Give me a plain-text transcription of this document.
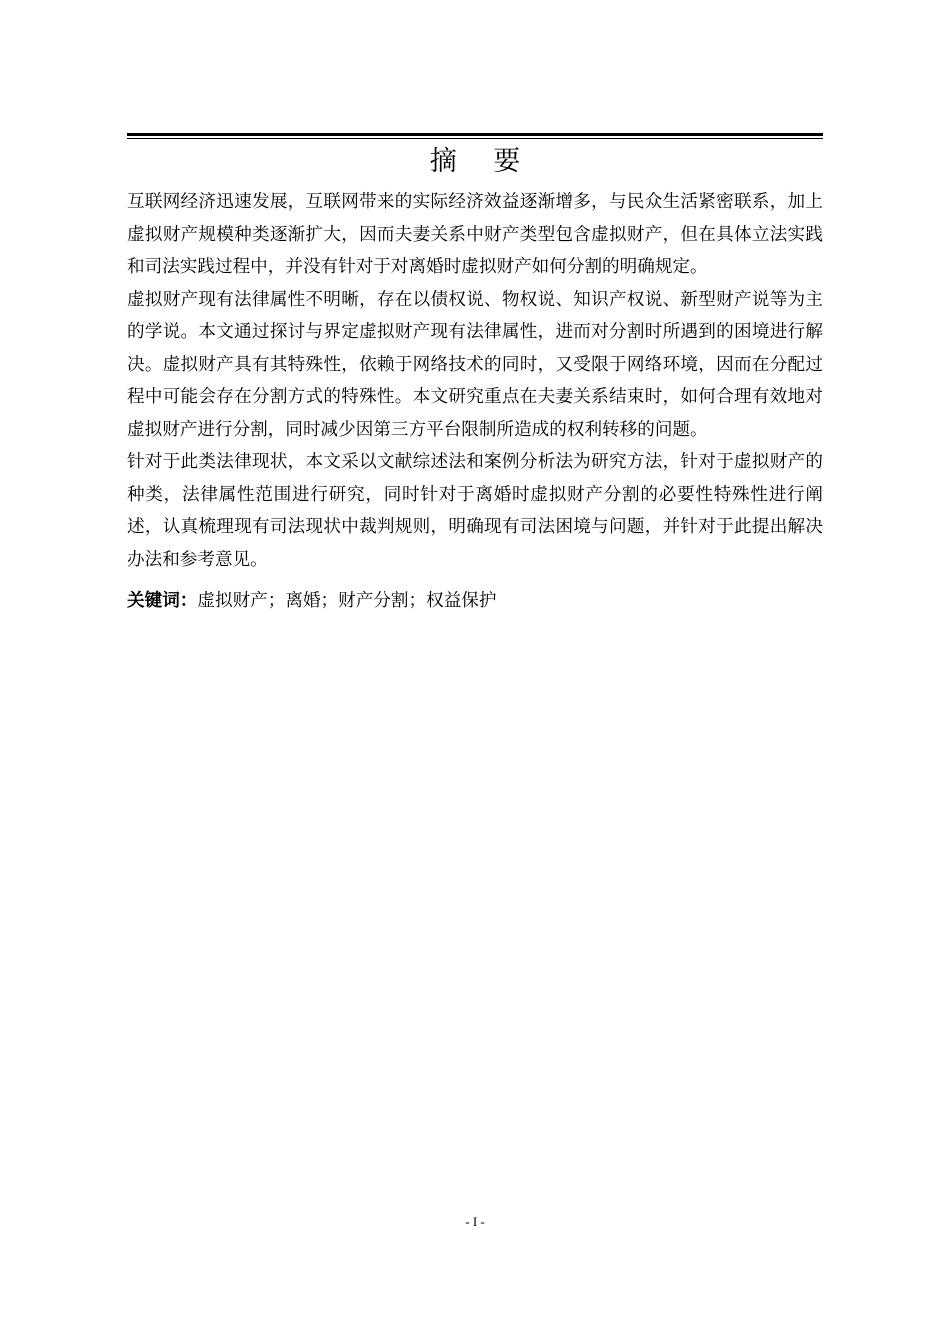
摘 要

互联网经济迅速发展，互联网带来的实际经济效益逐渐增多，与民众生活紧密联系，加上虚拟财产规模种类逐渐扩大，因而夫妻关系中财产类型包含虚拟财产，但在具体立法实践和司法实践过程中，并没有针对于对离婚时虚拟财产如何分割的明确规定。

虚拟财产现有法律属性不明晰，存在以债权说、物权说、知识产权说、新型财产说等为主的学说。本文通过探讨与界定虚拟财产现有法律属性，进而对分割时所遇到的困境进行解决。虚拟财产具有其特殊性，依赖于网络技术的同时，又受限于网络环境，因而在分配过程中可能会存在分割方式的特殊性。本文研究重点在夫妻关系结束时，如何合理有效地对虚拟财产进行分割，同时减少因第三方平台限制所造成的权利转移的问题。

针对于此类法律现状，本文采以文献综述法和案例分析法为研究方法，针对于虚拟财产的种类，法律属性范围进行研究，同时针对于离婚时虚拟财产分割的必要性特殊性进行阐述，认真梳理现有司法现状中裁判规则，明确现有司法困境与问题，并针对于此提出解决办法和参考意见。

关键词：虚拟财产；离婚；财产分割；权益保护
- I -
